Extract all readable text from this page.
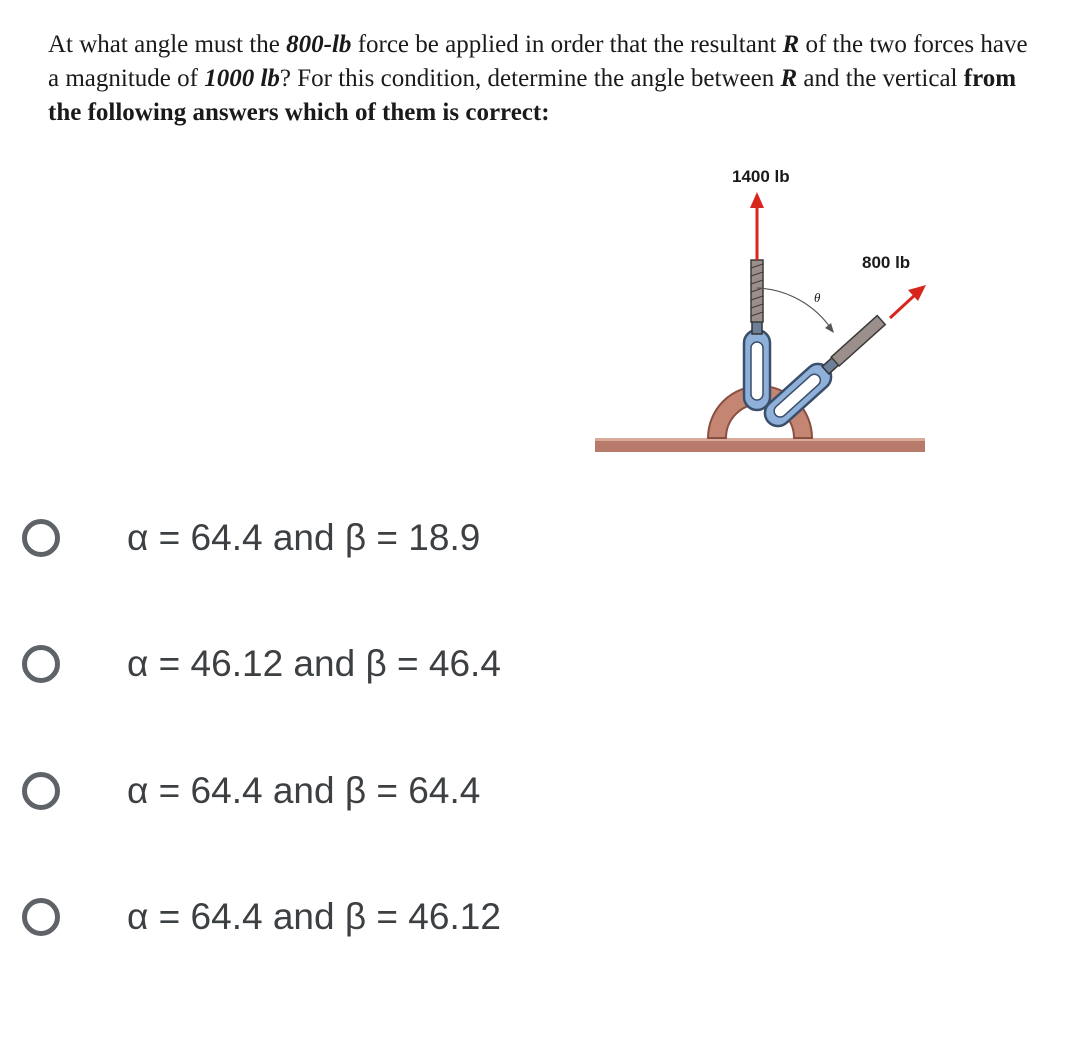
At what angle must the 800-lb force be applied in order that the resultant R of the two forces have a magnitude of 1000 lb? For this condition, determine the angle between R and the vertical from the following answers which of them is correct:
1400 lb
800 lb
θ
α = 64.4 and β = 18.9
α = 46.12 and β = 46.4
α = 64.4 and β = 64.4
α = 64.4 and β = 46.12
